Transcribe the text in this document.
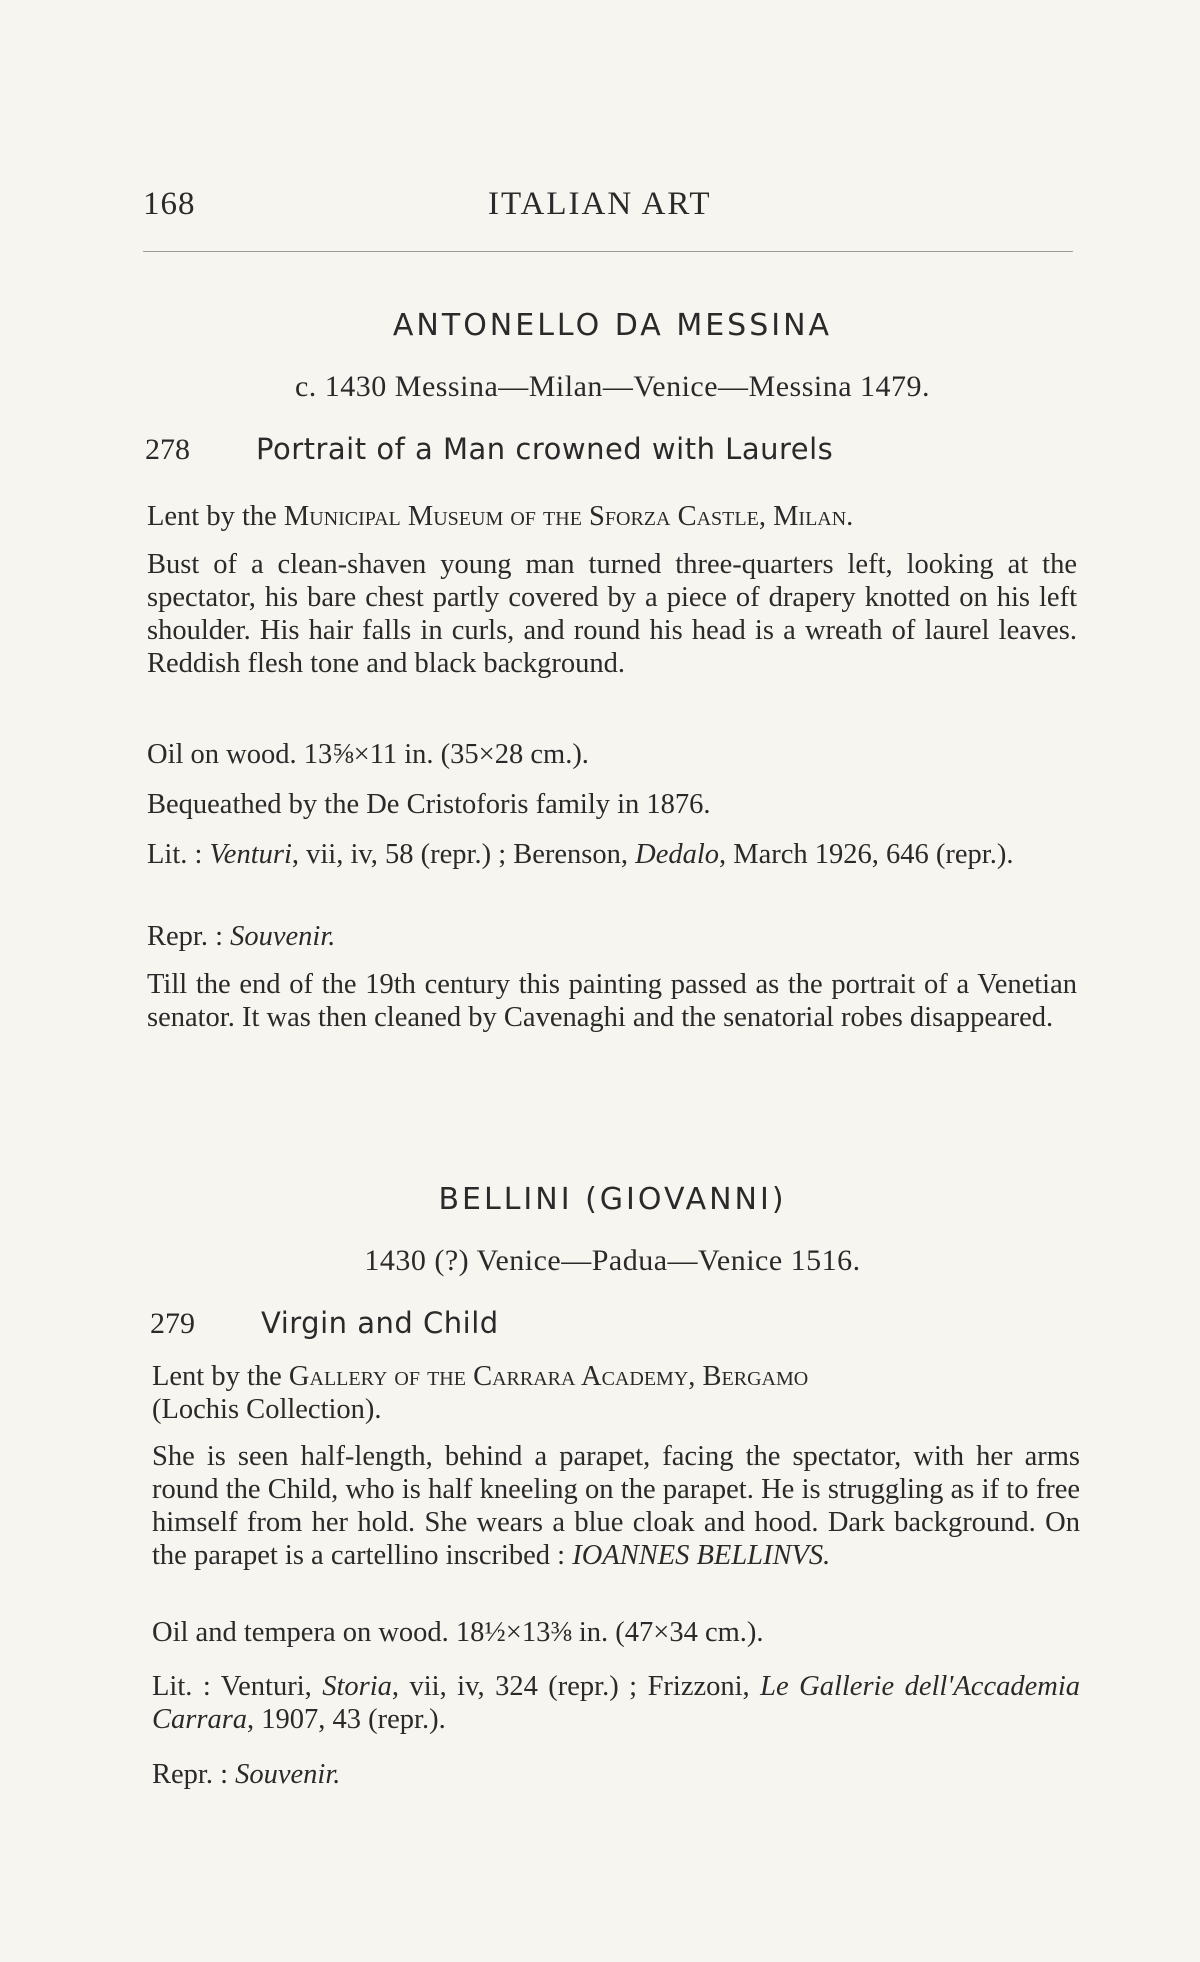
168	ITALIAN ART
ANTONELLO DA MESSINA
c. 1430 Messina—Milan—Venice—Messina 1479.
278 Portrait of a Man crowned with Laurels
Lent by the Municipal Museum of the Sforza Castle, Milan.
Bust of a clean-shaven young man turned three-quarters left, looking at the spectator, his bare chest partly covered by a piece of drapery knotted on his left shoulder. His hair falls in curls, and round his head is a wreath of laurel leaves. Reddish flesh tone and black background.
Oil on wood. 13⅝×11 in. (35×28 cm.).
Bequeathed by the De Cristoforis family in 1876.
Lit. : Venturi, vii, iv, 58 (repr.) ; Berenson, Dedalo, March 1926, 646 (repr.).
Repr. : Souvenir.
Till the end of the 19th century this painting passed as the portrait of a Venetian senator. It was then cleaned by Cavenaghi and the senatorial robes disappeared.
BELLINI (GIOVANNI)
1430 (?) Venice—Padua—Venice 1516.
279 Virgin and Child
Lent by the Gallery of the Carrara Academy, Bergamo
(Lochis Collection).
She is seen half-length, behind a parapet, facing the spectator, with her arms round the Child, who is half kneeling on the parapet. He is struggling as if to free himself from her hold. She wears a blue cloak and hood. Dark background. On the parapet is a cartellino inscribed : IOANNES BELLINVS.
Oil and tempera on wood. 18½×13⅜ in. (47×34 cm.).
Lit. : Venturi, Storia, vii, iv, 324 (repr.) ; Frizzoni, Le Gallerie dell'Accademia Carrara, 1907, 43 (repr.).
Repr. : Souvenir.
